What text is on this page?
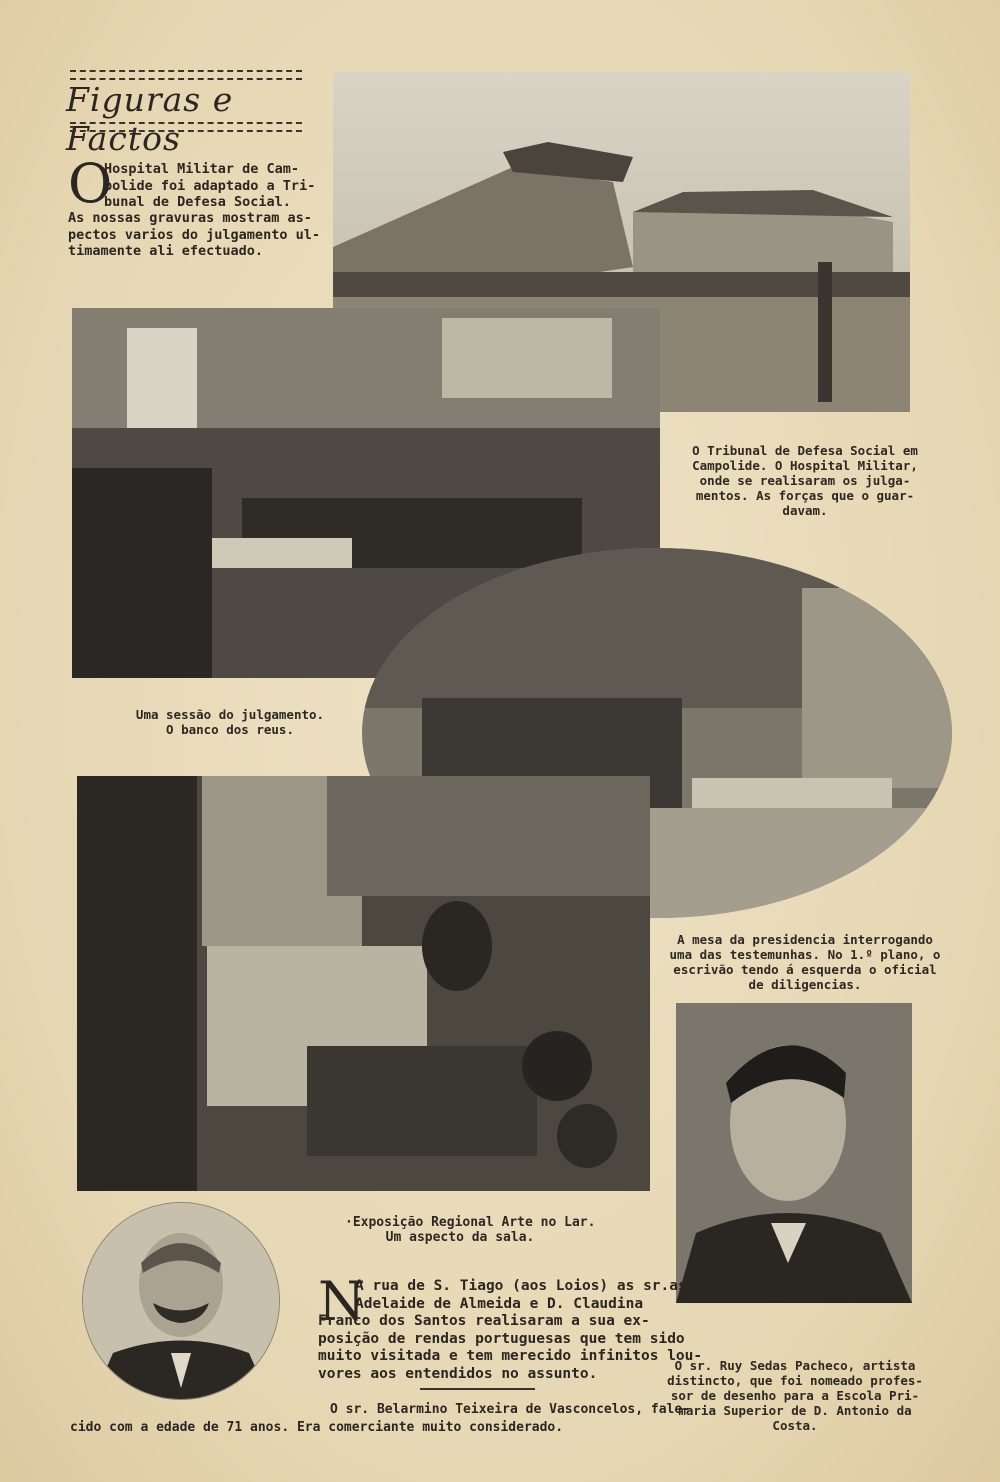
Figuras e Factos
O
Hospital Militar de Cam-
polide foi adaptado a Tri-
bunal de Defesa Social.
As nossas gravuras mostram as-
pectos varios do julgamento ul-
timamente ali efectuado.
O Tribunal de Defesa Social em
Campolide. O Hospital Militar,
onde se realisaram os julga-
mentos. As forças que o guar-
davam.
Uma sessão do julgamento.
O banco dos reus.
A mesa da presidencia interrogando
uma das testemunhas. No 1.º plano, o
escrivão tendo á esquerda o oficial
de diligencias.
·Exposição Regional Arte no Lar.
Um aspecto da sala.
N
A rua de S. Tiago (aos Loios) as sr.as D.
Adelaide de Almeida e D. Claudina
Franco dos Santos realisaram a sua ex-
posição de rendas portuguesas que tem sido
muito visitada e tem merecido infinitos lou-
vores aos entendidos no assunto.	O sr. Ruy Sedas Pacheco, artista
distincto, que foi nomeado profes-
sor de desenho para a Escola Pri-
maria Superior de D. Antonio da
Costa.
O sr. Belarmino Teixeira de Vasconcelos, fale-
cido com a edade de 71 anos. Era comerciante muito considerado.
